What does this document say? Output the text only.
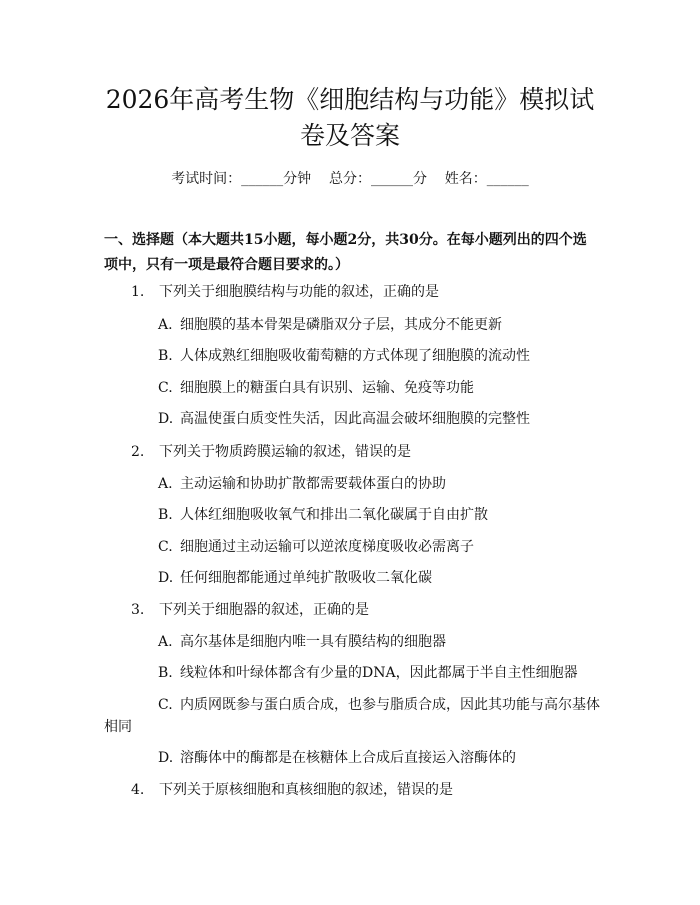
2026年高考生物《细胞结构与功能》模拟试
卷及答案
考试时间：______分钟    总分：______分    姓名：______

一、选择题（本大题共15小题，每小题2分，共30分。在每小题列出的四个选

项中，只有一项是最符合题目要求的。）

1. 下列关于细胞膜结构与功能的叙述，正确的是
A. 细胞膜的基本骨架是磷脂双分子层，其成分不能更新
B. 人体成熟红细胞吸收葡萄糖的方式体现了细胞膜的流动性
C. 细胞膜上的糖蛋白具有识别、运输、免疫等功能
D. 高温使蛋白质变性失活，因此高温会破坏细胞膜的完整性
2. 下列关于物质跨膜运输的叙述，错误的是
A. 主动运输和协助扩散都需要载体蛋白的协助
B. 人体红细胞吸收氧气和排出二氧化碳属于自由扩散
C. 细胞通过主动运输可以逆浓度梯度吸收必需离子
D. 任何细胞都能通过单纯扩散吸收二氧化碳
3. 下列关于细胞器的叙述，正确的是
A. 高尔基体是细胞内唯一具有膜结构的细胞器
B. 线粒体和叶绿体都含有少量的DNA，因此都属于半自主性细胞器
C. 内质网既参与蛋白质合成，也参与脂质合成，因此其功能与高尔基体相同
D. 溶酶体中的酶都是在核糖体上合成后直接运入溶酶体的
4. 下列关于原核细胞和真核细胞的叙述，错误的是
